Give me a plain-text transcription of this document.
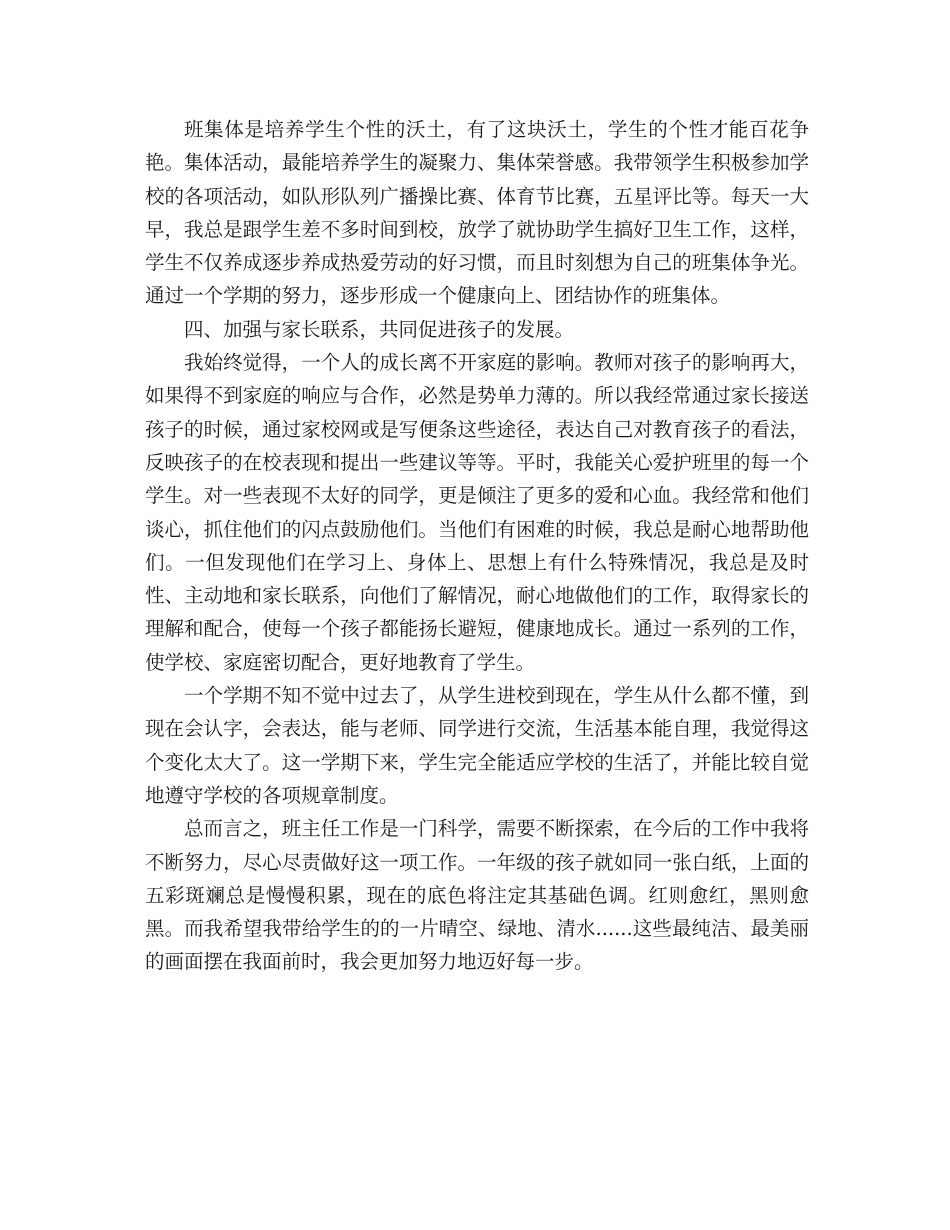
班集体是培养学生个性的沃土，有了这块沃土，学生的个性才能百花争艳。集体活动，最能培养学生的凝聚力、集体荣誉感。我带领学生积极参加学校的各项活动，如队形队列广播操比赛、体育节比赛，五星评比等。每天一大早，我总是跟学生差不多时间到校，放学了就协助学生搞好卫生工作，这样，学生不仅养成逐步养成热爱劳动的好习惯，而且时刻想为自己的班集体争光。通过一个学期的努力，逐步形成一个健康向上、团结协作的班集体。

四、加强与家长联系，共同促进孩子的发展。

我始终觉得，一个人的成长离不开家庭的影响。教师对孩子的影响再大，如果得不到家庭的响应与合作，必然是势单力薄的。所以我经常通过家长接送孩子的时候，通过家校网或是写便条这些途径，表达自己对教育孩子的看法，反映孩子的在校表现和提出一些建议等等。平时，我能关心爱护班里的每一个学生。对一些表现不太好的同学，更是倾注了更多的爱和心血。我经常和他们谈心，抓住他们的闪点鼓励他们。当他们有困难的时候，我总是耐心地帮助他们。一但发现他们在学习上、身体上、思想上有什么特殊情况，我总是及时性、主动地和家长联系，向他们了解情况，耐心地做他们的工作，取得家长的理解和配合，使每一个孩子都能扬长避短，健康地成长。通过一系列的工作，使学校、家庭密切配合，更好地教育了学生。

一个学期不知不觉中过去了，从学生进校到现在，学生从什么都不懂，到现在会认字，会表达，能与老师、同学进行交流，生活基本能自理，我觉得这个变化太大了。这一学期下来，学生完全能适应学校的生活了，并能比较自觉地遵守学校的各项规章制度。

总而言之，班主任工作是一门科学，需要不断探索，在今后的工作中我将不断努力，尽心尽责做好这一项工作。一年级的孩子就如同一张白纸，上面的五彩斑斓总是慢慢积累，现在的底色将注定其基础色调。红则愈红，黑则愈黑。而我希望我带给学生的的一片晴空、绿地、清水......这些最纯洁、最美丽的画面摆在我面前时，我会更加努力地迈好每一步。
